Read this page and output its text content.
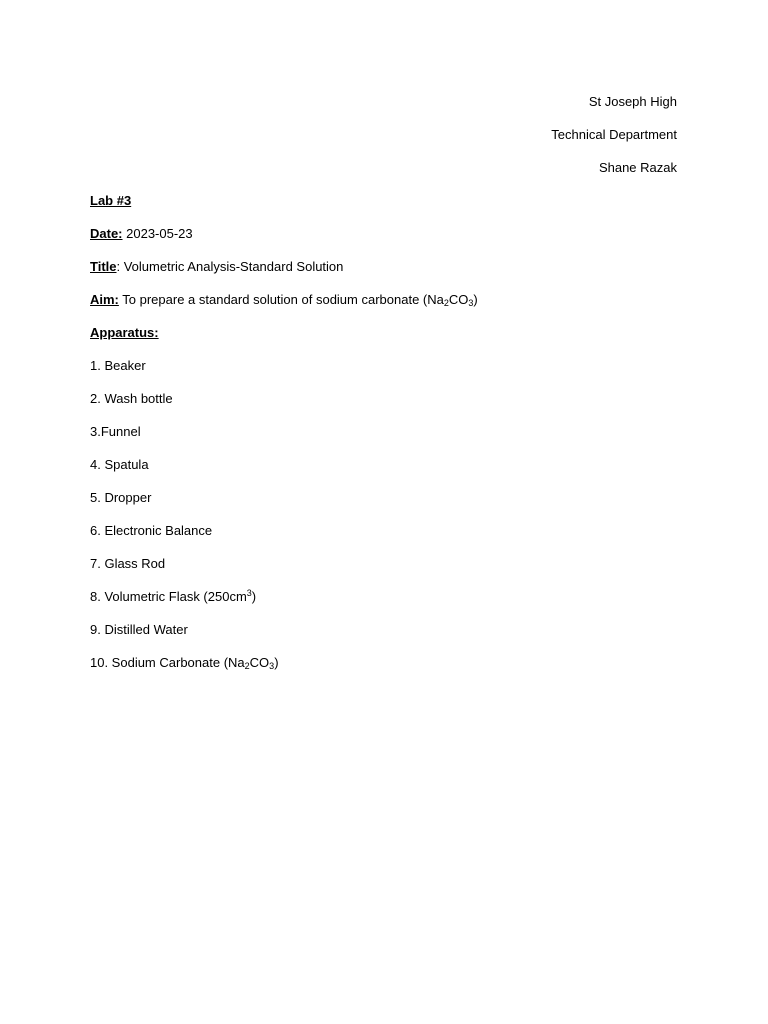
St Joseph High
Technical Department
Shane Razak
Lab #3
Date: 2023-05-23
Title: Volumetric Analysis-Standard Solution
Aim: To prepare a standard solution of sodium carbonate $(Na_2CO_3)$
Apparatus:
1. Beaker
2. Wash bottle
3.Funnel
4. Spatula
5. Dropper
6. Electronic Balance
7. Glass Rod
8. Volumetric Flask $(250cm^3)$
9. Distilled Water
10. Sodium Carbonate $(Na_2CO_3)$
